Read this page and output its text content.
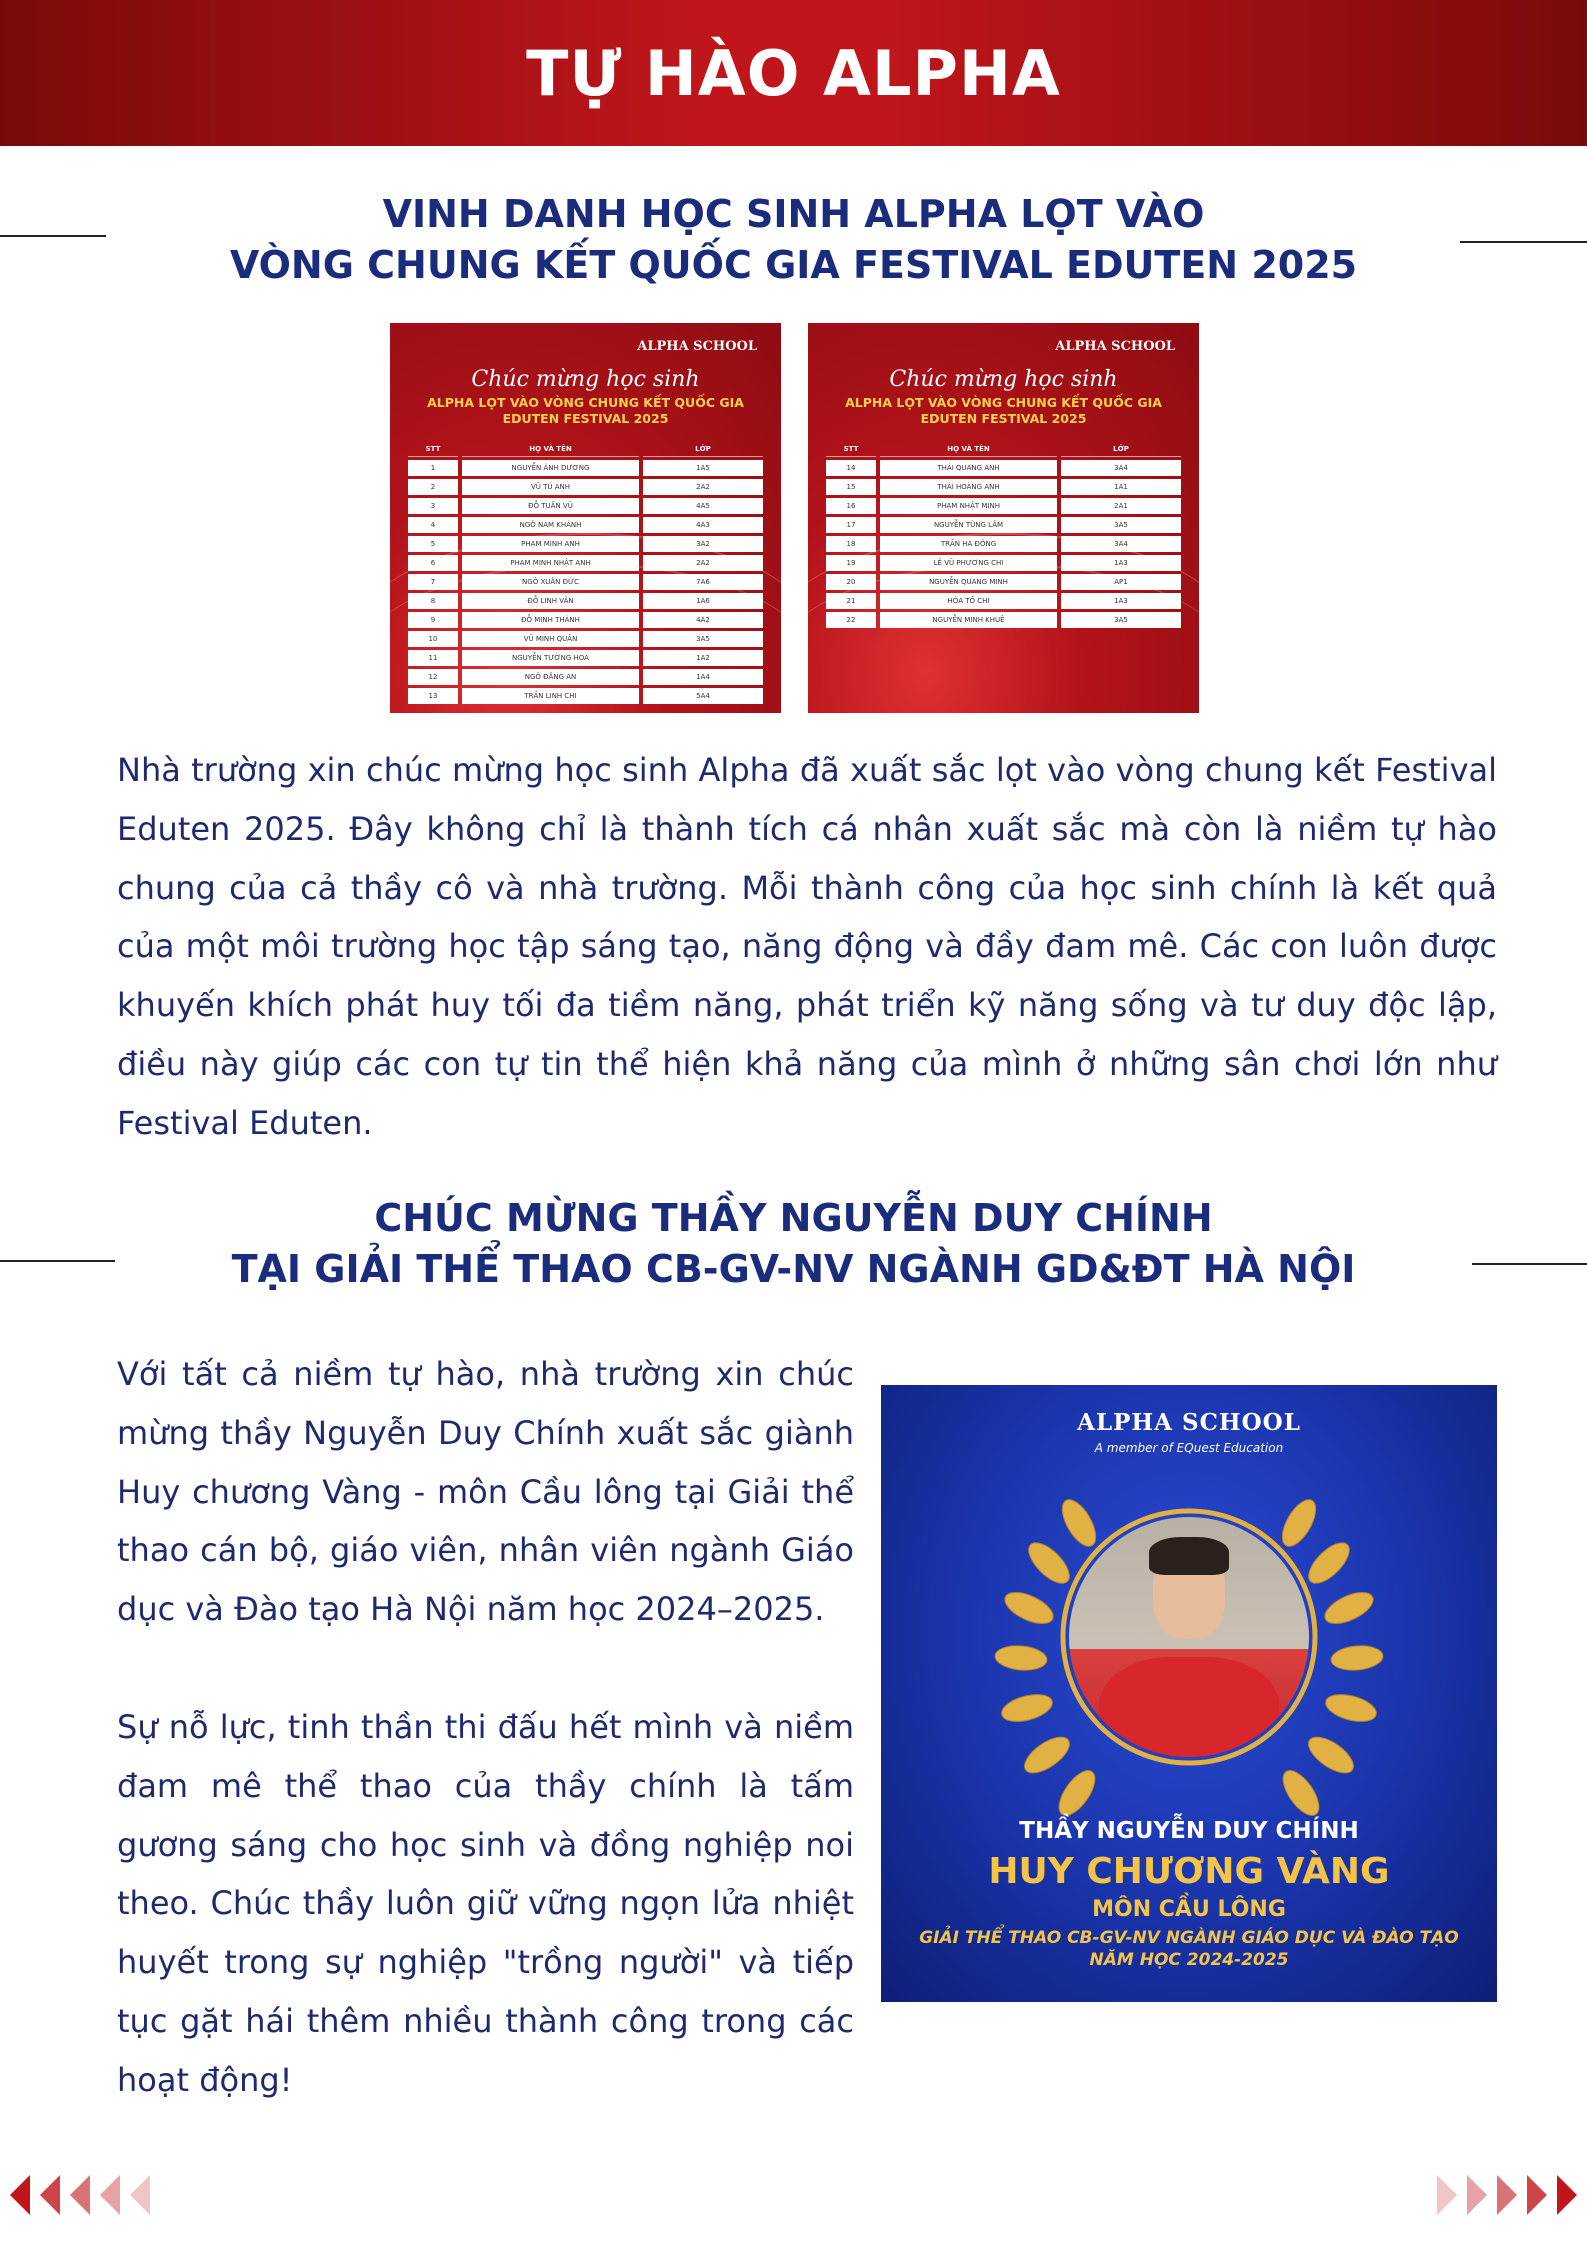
TỰ HÀO ALPHA
VINH DANH HỌC SINH ALPHA LỌT VÀO
VÒNG CHUNG KẾT QUỐC GIA FESTIVAL EDUTEN 2025
ALPHA SCHOOL
Chúc mừng học sinh
ALPHA LỌT VÀO VÒNG CHUNG KẾT QUỐC GIA
EDUTEN FESTIVAL 2025
STT	HỌ VÀ TÊN	LỚP
1	NGUYỄN ÁNH DƯƠNG	1A5
2	VŨ TÚ ANH	2A2
3	ĐỖ TUẤN VŨ	4A5
4	NGÔ NAM KHÁNH	4A3
5	PHẠM MINH ANH	3A2
6	PHẠM MINH NHẬT ANH	2A2
7	NGÔ XUÂN ĐỨC	7A6
8	ĐỖ LINH VÂN	1A6
9	ĐỖ MINH THÀNH	4A2
10	VŨ MINH QUÂN	3A5
11	NGUYỄN TƯỜNG HOA	1A2
12	NGÔ ĐĂNG AN	1A4
13	TRẦN LINH CHI	5A4
ALPHA SCHOOL
Chúc mừng học sinh
ALPHA LỌT VÀO VÒNG CHUNG KẾT QUỐC GIA
EDUTEN FESTIVAL 2025
STT	HỌ VÀ TÊN	LỚP
14	THÁI QUANG ANH	3A4
15	THÁI HOÀNG ANH	1A1
16	PHẠM NHẬT MINH	2A1
17	NGUYỄN TÙNG LÂM	3A5
18	TRẦN HÀ ĐÔNG	3A4
19	LÊ VŨ PHƯƠNG CHI	1A3
20	NGUYỄN QUANG MINH	AP1
21	HÒA TỐ CHI	1A3
22	NGUYỄN MINH KHUÊ	3A5

Nhà trường xin chúc mừng học sinh Alpha đã xuất sắc lọt vào vòng chung kết Festival Eduten 2025. Đây không chỉ là thành tích cá nhân xuất sắc mà còn là niềm tự hào chung của cả thầy cô và nhà trường. Mỗi thành công của học sinh chính là kết quả của một môi trường học tập sáng tạo, năng động và đầy đam mê. Các con luôn được khuyến khích phát huy tối đa tiềm năng, phát triển kỹ năng sống và tư duy độc lập, điều này giúp các con tự tin thể hiện khả năng của mình ở những sân chơi lớn như Festival Eduten.

CHÚC MỪNG THẦY NGUYỄN DUY CHÍNH
TẠI GIẢI THỂ THAO CB-GV-NV NGÀNH GD&ĐT HÀ NỘI

Với tất cả niềm tự hào, nhà trường xin chúc mừng thầy Nguyễn Duy Chính xuất sắc giành Huy chương Vàng - môn Cầu lông tại Giải thể thao cán bộ, giáo viên, nhân viên ngành Giáo dục và Đào tạo Hà Nội năm học 2024–2025.

Sự nỗ lực, tinh thần thi đấu hết mình và niềm đam mê thể thao của thầy chính là tấm gương sáng cho học sinh và đồng nghiệp noi theo. Chúc thầy luôn giữ vững ngọn lửa nhiệt huyết trong sự nghiệp "trồng người" và tiếp tục gặt hái thêm nhiều thành công trong các hoạt động!

ALPHA SCHOOL
A member of EQuest Education
THẦY NGUYỄN DUY CHÍNH
HUY CHƯƠNG VÀNG
MÔN CẦU LÔNG
GIẢI THỂ THAO CB-GV-NV NGÀNH GIÁO DỤC VÀ ĐÀO TẠO
NĂM HỌC 2024-2025
